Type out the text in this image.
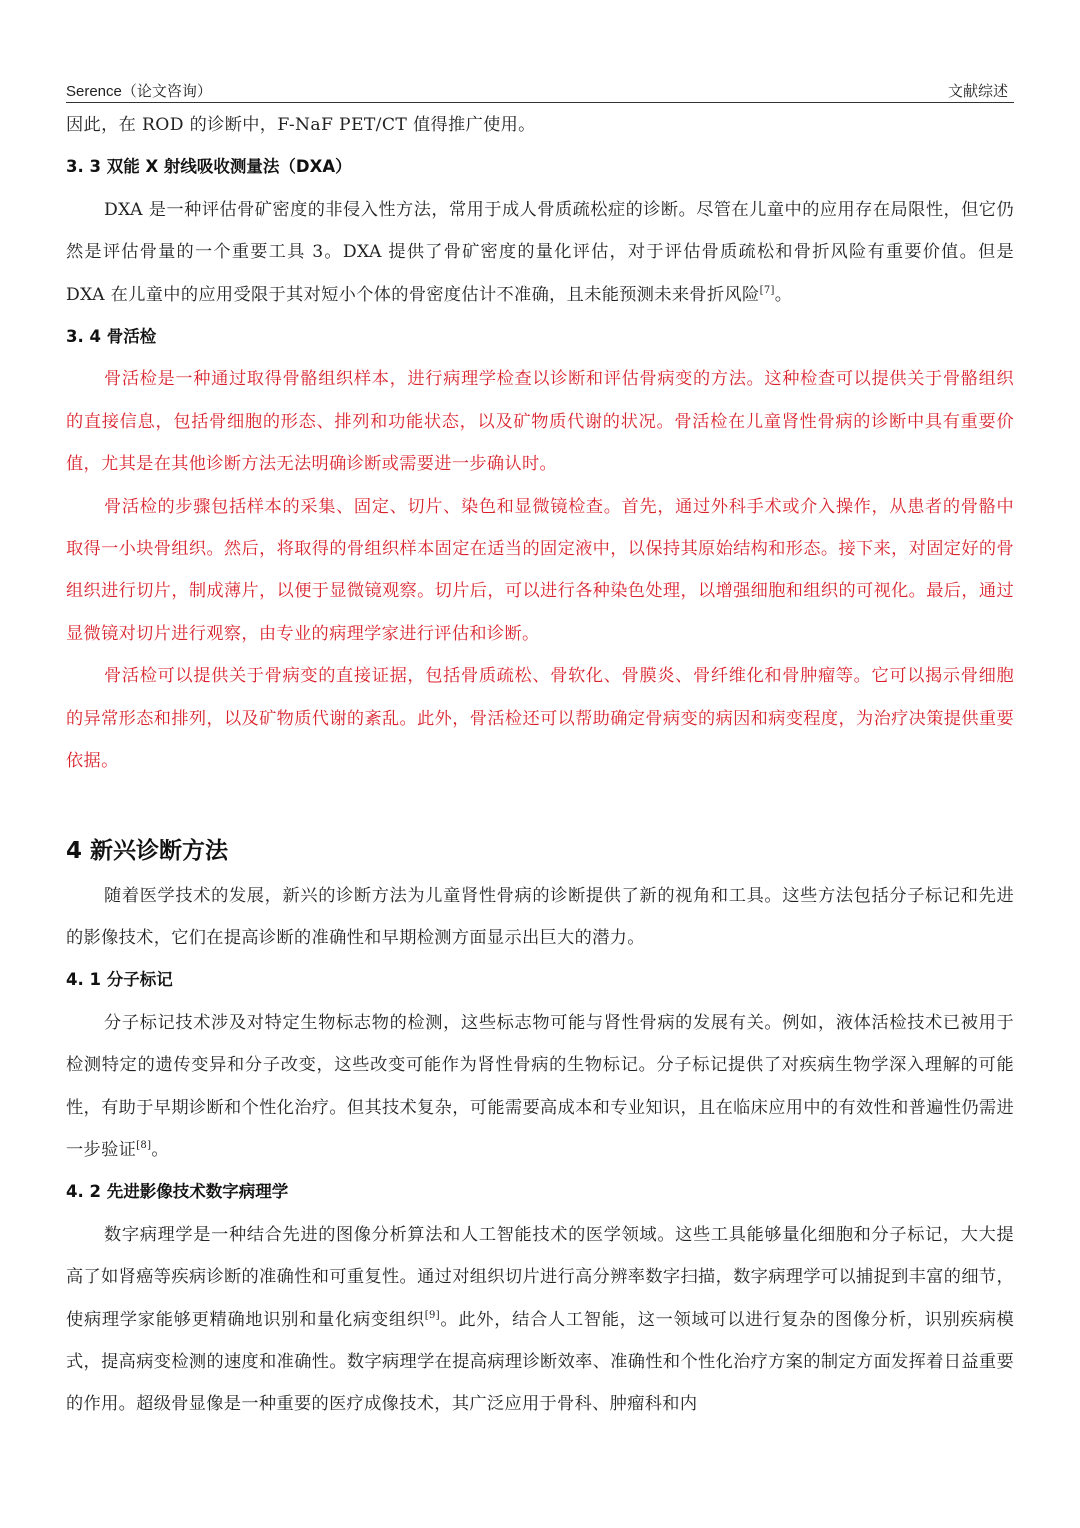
Serence（论文咨询）	文献综述

因此，在 ROD 的诊断中，F-NaF PET/CT 值得推广使用。

3. 3 双能 X 射线吸收测量法（DXA）

DXA 是一种评估骨矿密度的非侵入性方法，常用于成人骨质疏松症的诊断。尽管在儿童中的应用存在局限性，但它仍然是评估骨量的一个重要工具 3。DXA 提供了骨矿密度的量化评估，对于评估骨质疏松和骨折风险有重要价值。但是 DXA 在儿童中的应用受限于其对短小个体的骨密度估计不准确，且未能预测未来骨折风险[7]。

3. 4 骨活检

骨活检是一种通过取得骨骼组织样本，进行病理学检查以诊断和评估骨病变的方法。这种检查可以提供关于骨骼组织的直接信息，包括骨细胞的形态、排列和功能状态，以及矿物质代谢的状况。骨活检在儿童肾性骨病的诊断中具有重要价值，尤其是在其他诊断方法无法明确诊断或需要进一步确认时。

骨活检的步骤包括样本的采集、固定、切片、染色和显微镜检查。首先，通过外科手术或介入操作，从患者的骨骼中取得一小块骨组织。然后，将取得的骨组织样本固定在适当的固定液中，以保持其原始结构和形态。接下来，对固定好的骨组织进行切片，制成薄片，以便于显微镜观察。切片后，可以进行各种染色处理，以增强细胞和组织的可视化。最后，通过显微镜对切片进行观察，由专业的病理学家进行评估和诊断。

骨活检可以提供关于骨病变的直接证据，包括骨质疏松、骨软化、骨膜炎、骨纤维化和骨肿瘤等。它可以揭示骨细胞的异常形态和排列，以及矿物质代谢的紊乱。此外，骨活检还可以帮助确定骨病变的病因和病变程度，为治疗决策提供重要依据。

4 新兴诊断方法

随着医学技术的发展，新兴的诊断方法为儿童肾性骨病的诊断提供了新的视角和工具。这些方法包括分子标记和先进的影像技术，它们在提高诊断的准确性和早期检测方面显示出巨大的潜力。

4. 1 分子标记

分子标记技术涉及对特定生物标志物的检测，这些标志物可能与肾性骨病的发展有关。例如，液体活检技术已被用于检测特定的遗传变异和分子改变，这些改变可能作为肾性骨病的生物标记。分子标记提供了对疾病生物学深入理解的可能性，有助于早期诊断和个性化治疗。但其技术复杂，可能需要高成本和专业知识，且在临床应用中的有效性和普遍性仍需进一步验证[8]。

4. 2 先进影像技术数字病理学

数字病理学是一种结合先进的图像分析算法和人工智能技术的医学领域。这些工具能够量化细胞和分子标记，大大提高了如肾癌等疾病诊断的准确性和可重复性。通过对组织切片进行高分辨率数字扫描，数字病理学可以捕捉到丰富的细节，使病理学家能够更精确地识别和量化病变组织[9]。此外，结合人工智能，这一领域可以进行复杂的图像分析，识别疾病模式，提高病变检测的速度和准确性。数字病理学在提高病理诊断效率、准确性和个性化治疗方案的制定方面发挥着日益重要的作用。超级骨显像是一种重要的医疗成像技术，其广泛应用于骨科、肿瘤科和内
